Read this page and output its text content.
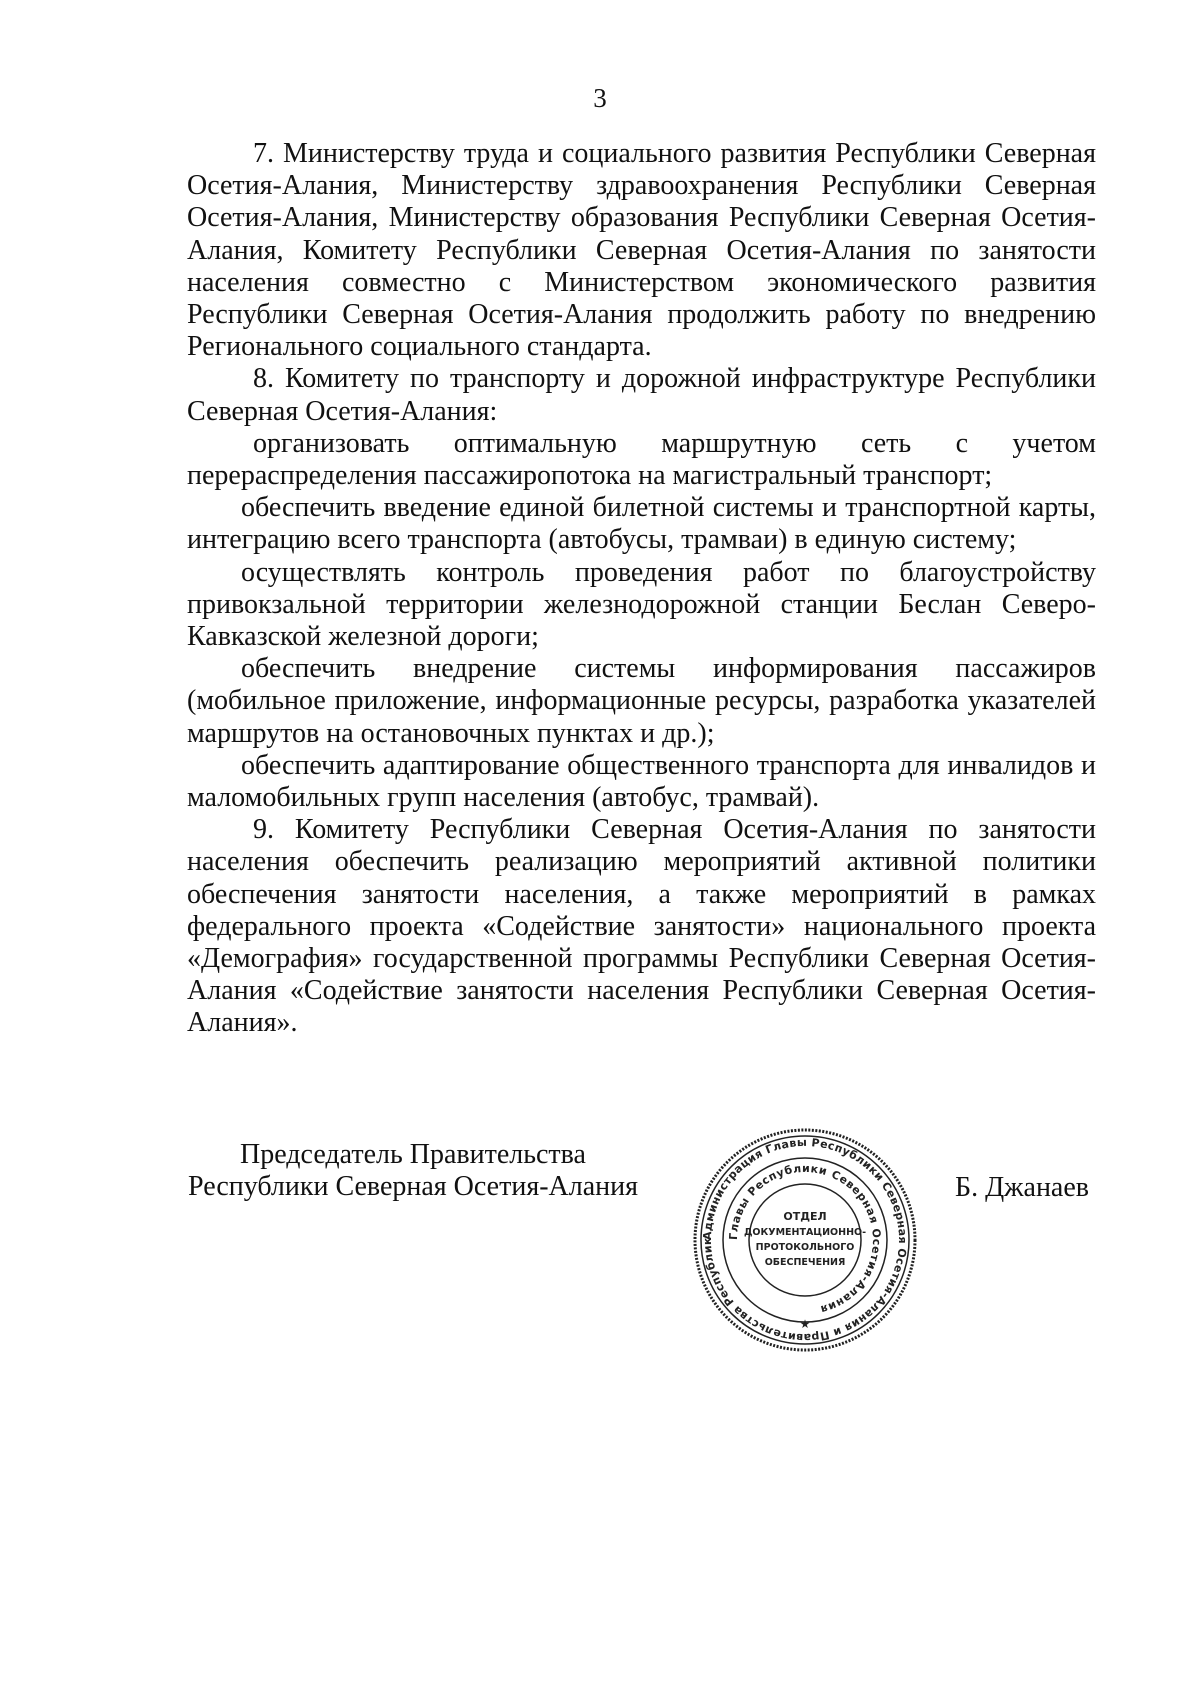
3

7. Министерству труда и социального развития Республики Северная Осетия-Алания, Министерству здравоохранения Республики Северная Осетия-Алания, Министерству образования Республики Северная Осетия-Алания, Комитету Республики Северная Осетия-Алания по занятости населения совместно с Министерством экономического развития Республики Северная Осетия-Алания продолжить работу по внедрению Регионального социального стандарта.

8. Комитету по транспорту и дорожной инфраструктуре Республики Северная Осетия-Алания:

организовать оптимальную маршрутную сеть с учетом перераспределения пассажиропотока на магистральный транспорт;

обеспечить введение единой билетной системы и транспортной карты, интеграцию всего транспорта (автобусы, трамваи) в единую систему;

осуществлять контроль проведения работ по благоустройству привокзальной территории железнодорожной станции Беслан Северо-Кавказской железной дороги;

обеспечить внедрение системы информирования пассажиров (мобильное приложение, информационные ресурсы, разработка указателей маршрутов на остановочных пунктах и др.);

обеспечить адаптирование общественного транспорта для инвалидов и маломобильных групп населения (автобус, трамвай).

9. Комитету Республики Северная Осетия-Алания по занятости населения обеспечить реализацию мероприятий активной политики обеспечения занятости населения, а также мероприятий в рамках федерального проекта «Содействие занятости» национального проекта «Демография» государственной программы Республики Северная Осетия-Алания «Содействие занятости населения Республики Северная Осетия-Алания».

Председатель Правительства
Республики Северная Осетия-Алания
Администрация Главы Республики Северная Осетия-Алания и Правительства Республик
Главы Республики Северная Осетия-Алания
ОТДЕЛ
ДОКУМЕНТАЦИОННО-
ПРОТОКОЛЬНОГО
ОБЕСПЕЧЕНИЯ
★
Б. Джанаев
